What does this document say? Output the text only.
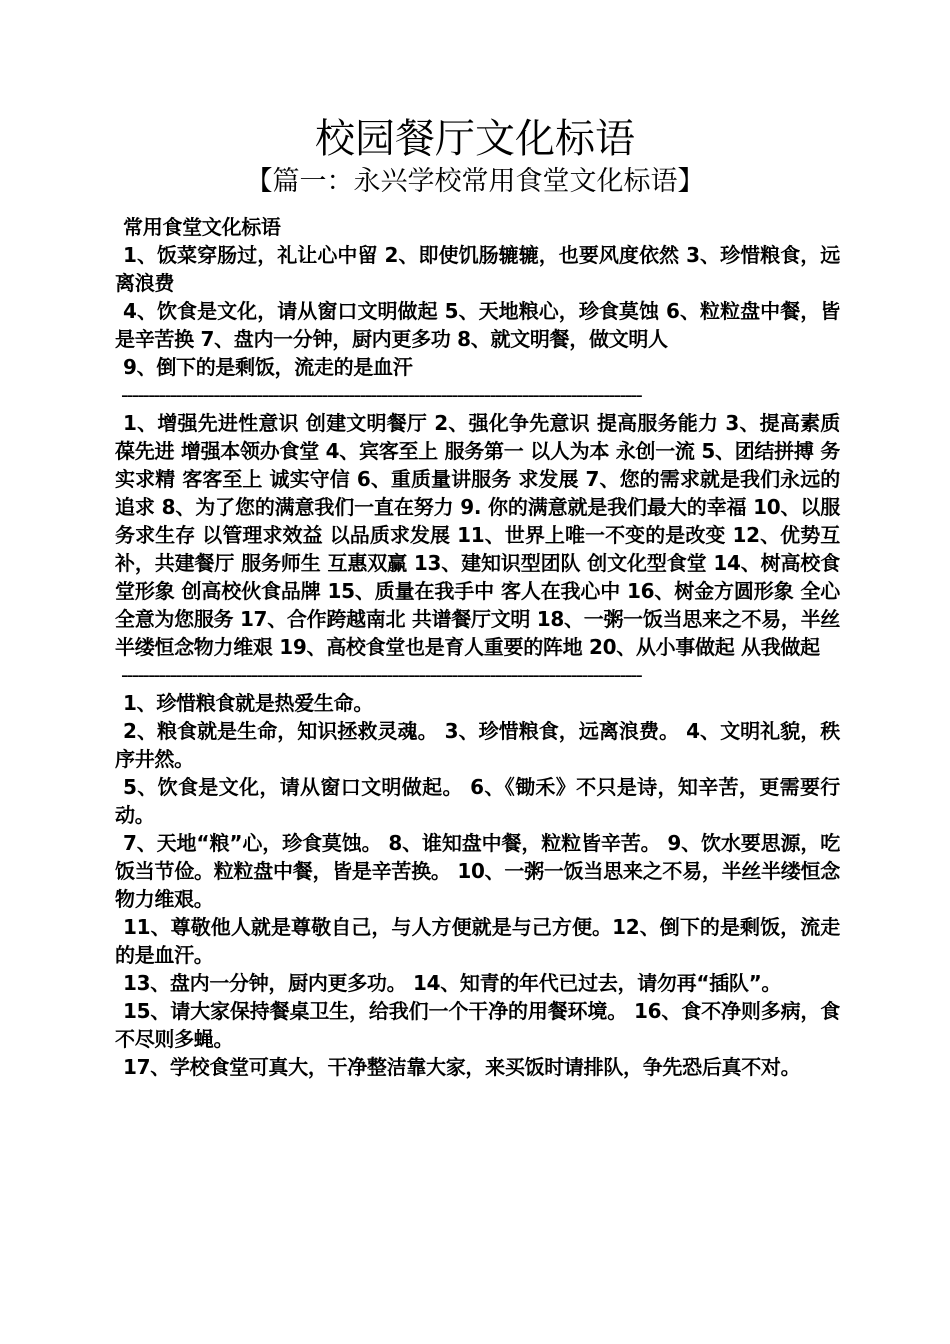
校园餐厅文化标语
【篇一：永兴学校常用食堂文化标语】

常用食堂文化标语

1、饭菜穿肠过，礼让心中留 2、即使饥肠辘辘，也要风度依然 3、珍惜粮食，远离浪费

4、饮食是文化，请从窗口文明做起 5、天地粮心，珍食莫蚀 6、粒粒盘中餐，皆是辛苦换 7、盘内一分钟，厨内更多功 8、就文明餐，做文明人

9、倒下的是剩饭，流走的是血汗

------------------------------------------------------------------------------------------------

1、增强先进性意识 创建文明餐厅 2、强化争先意识 提高服务能力 3、提高素质葆先进 增强本领办食堂 4、宾客至上 服务第一 以人为本 永创一流 5、团结拼搏 务实求精 客客至上 诚实守信 6、重质量讲服务 求发展 7、您的需求就是我们永远的追求 8、为了您的满意我们一直在努力 9. 你的满意就是我们最大的幸福 10、以服务求生存 以管理求效益 以品质求发展 11、世界上唯一不变的是改变 12、优势互补，共建餐厅 服务师生 互惠双赢 13、建知识型团队 创文化型食堂 14、树高校食堂形象 创高校伙食品牌 15、质量在我手中 客人在我心中 16、树金方圆形象 全心全意为您服务 17、合作跨越南北 共谱餐厅文明 18、一粥一饭当思来之不易，半丝半缕恒念物力维艰 19、高校食堂也是育人重要的阵地 20、从小事做起 从我做起

------------------------------------------------------------------------------------------------

1、珍惜粮食就是热爱生命。

2、粮食就是生命，知识拯救灵魂。 3、珍惜粮食，远离浪费。 4、文明礼貌，秩序井然。

5、饮食是文化，请从窗口文明做起。 6、《锄禾》不只是诗，知辛苦，更需要行动。

7、天地“粮”心，珍食莫蚀。 8、谁知盘中餐，粒粒皆辛苦。 9、饮水要思源，吃饭当节俭。粒粒盘中餐，皆是辛苦换。 10、一粥一饭当思来之不易，半丝半缕恒念物力维艰。

11、尊敬他人就是尊敬自己，与人方便就是与己方便。12、倒下的是剩饭，流走的是血汗。

13、盘内一分钟，厨内更多功。 14、知青的年代已过去，请勿再“插队”。

15、请大家保持餐桌卫生，给我们一个干净的用餐环境。 16、食不净则多病，食不尽则多蝇。

17、学校食堂可真大，干净整洁靠大家，来买饭时请排队，争先恐后真不对。
